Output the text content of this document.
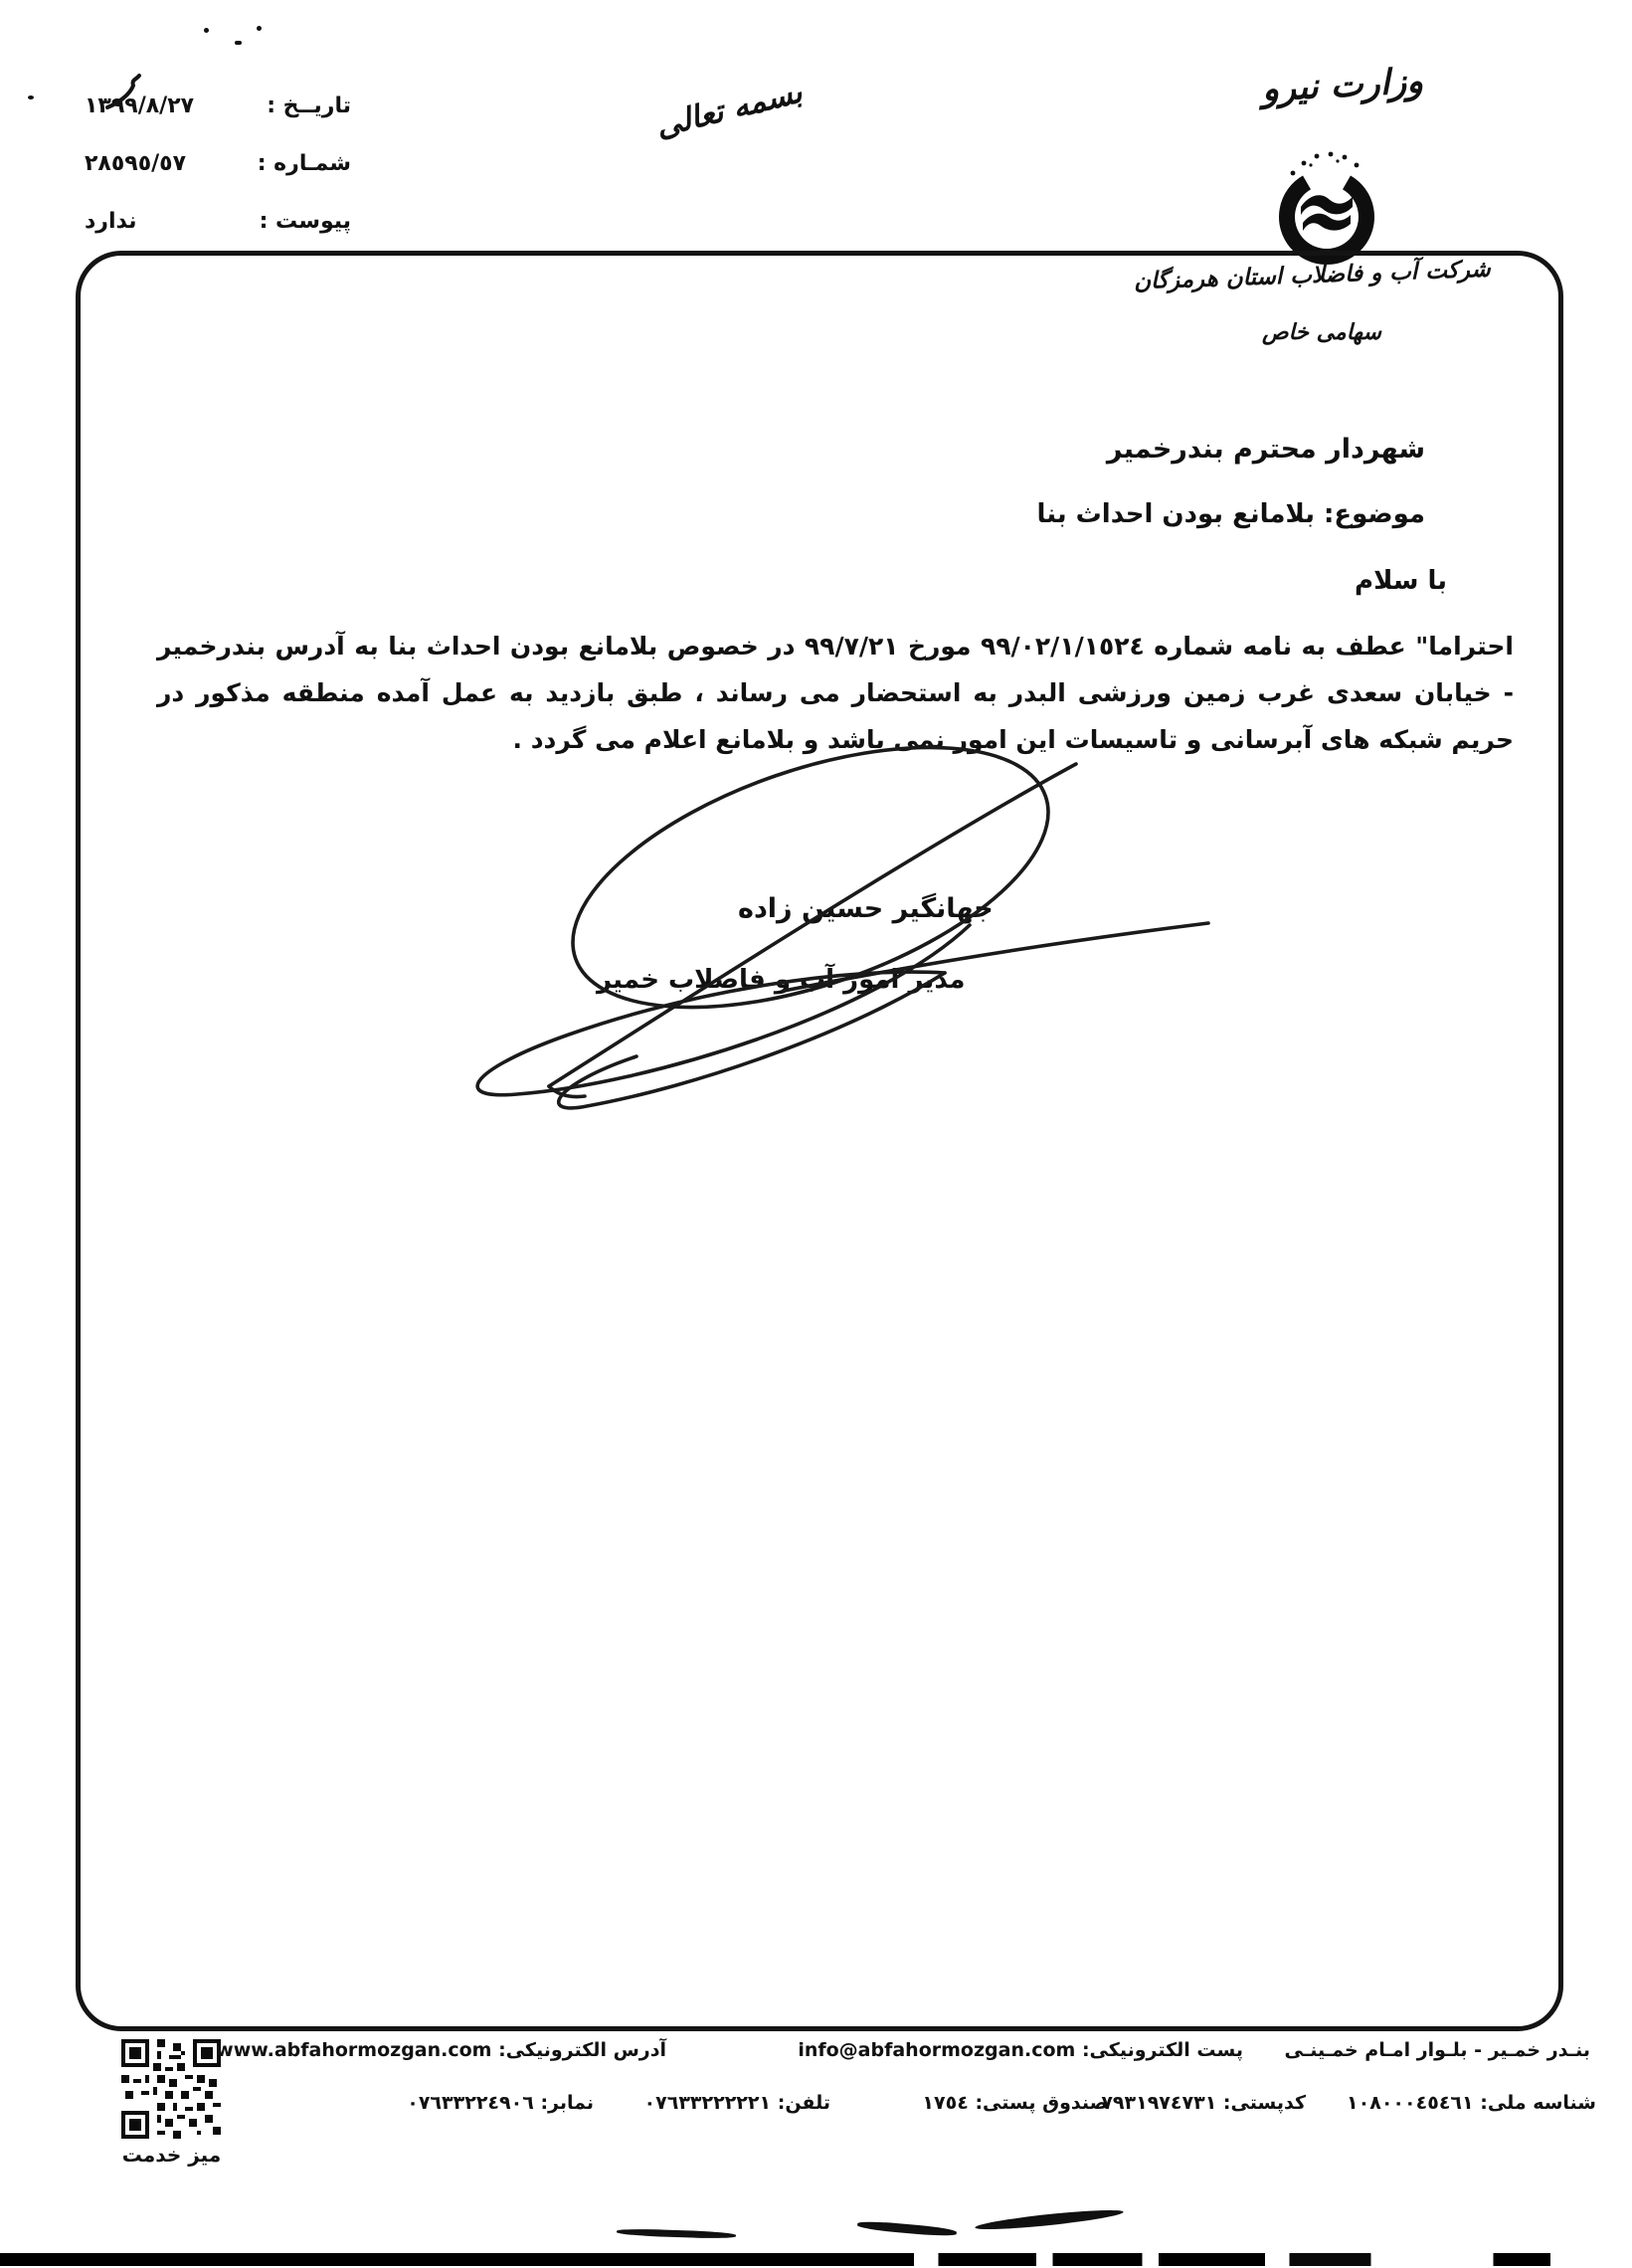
تاریــخ :
١٣٩٩/٨/٢٧
شمـاره :
٢٨٥٩٥/٥٧
پیوست :
ندارد
بسمه تعالی	وزارت نیرو
شرکت آب و فاضلاب استان هرمزگان
سهامی خاص
شهردار محترم بندرخمیر
موضوع: بلامانع بودن احداث بنا
با سلام
احتراما" عطف به نامه شماره ٩٩/٠٢/١/١٥٢٤ مورخ ٩٩/٧/٢١ در خصوص بلامانع بودن احداث بنا به آدرس بندرخمیر - خیابان سعدی غرب زمین ورزشی البدر به استحضار می رساند ، طبق بازدید به عمل آمده منطقه مذکور در حریم شبکه های آبرسانی و تاسیسات این امور نمی باشد و بلامانع اعلام می گردد .
جهانگیر حسین زاده
مدیر امور آب و فاضلاب خمیر
میز خدمت
بنـدر خمـیر - بلـوار امـام خمـینـی
پست الکترونیکی: info@abfahormozgan.com
آدرس الکترونیکی: www.abfahormozgan.com
شناسه ملی: ١٠٨٠٠٠٤٥٤٦١
کدپستی: ٧٩٣١٩٧٤٧٣١
صندوق پستی: ١٧٥٤
تلفن: ٠٧٦٣٣٢٢٢٢٢١
نمابر: ٠٧٦٣٣٢٢٤٩٠٦
